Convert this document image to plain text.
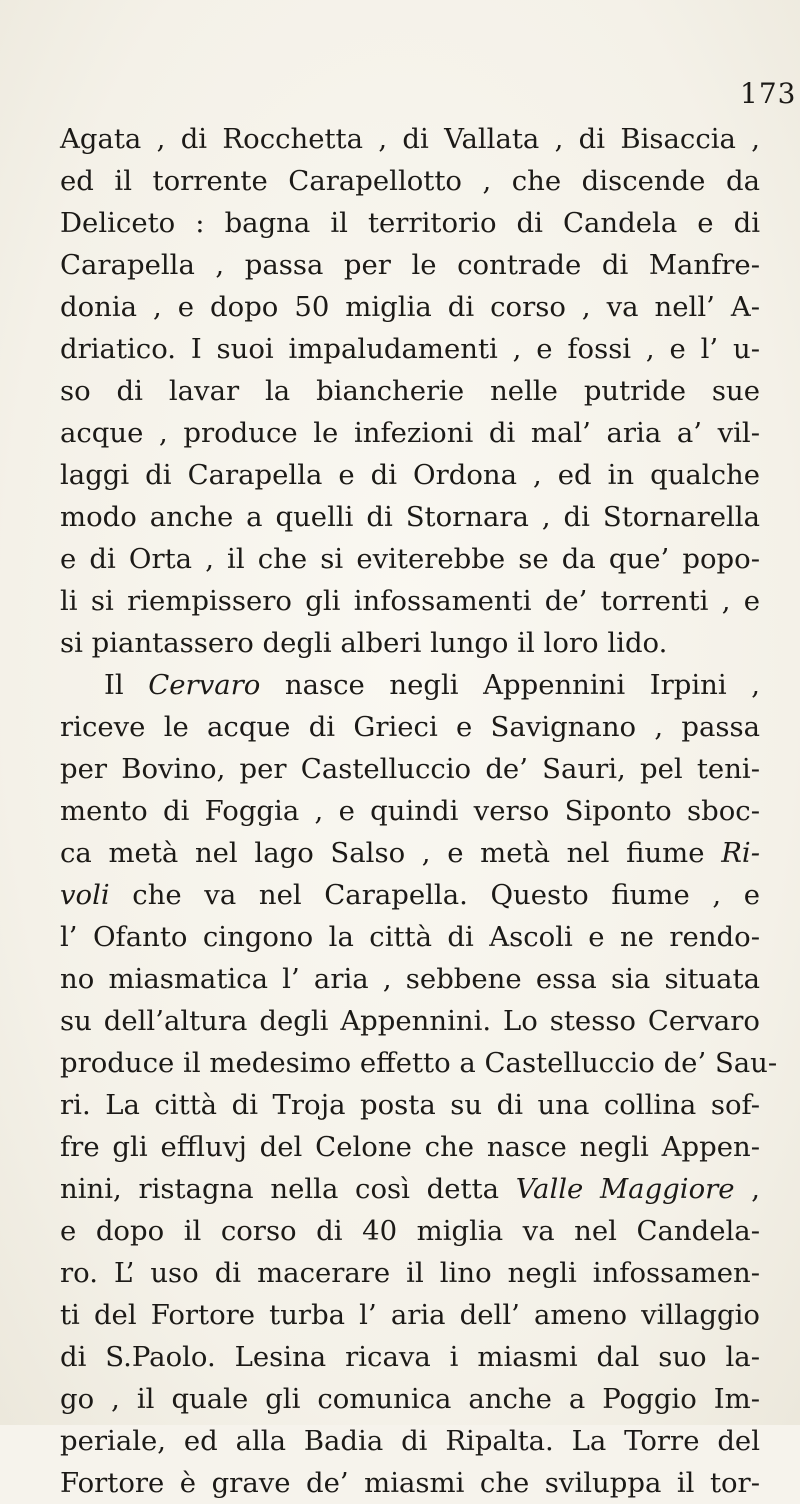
173
Agata , di Rocchetta , di Vallata , di Bisaccia ,
ed il torrente Carapellotto , che discende da
Deliceto : bagna il territorio di Candela e di
Carapella , passa per le contrade di Manfre-
donia , e dopo 50 miglia di corso , va nell’ A-
driatico. I suoi impaludamenti , e fossi , e l’ u-
so di lavar la biancherie nelle putride sue
acque , produce le infezioni di mal’ aria a’ vil-
laggi di Carapella e di Ordona , ed in qualche
modo anche a quelli di Stornara , di Stornarella
e di Orta , il che si eviterebbe se da que’ popo-
li si riempissero gli infossamenti de’ torrenti , e
si piantassero degli alberi lungo il loro lido.
Il Cervaro nasce negli Appennini Irpini ,
riceve le acque di Grieci e Savignano , passa
per Bovino, per Castelluccio de’ Sauri, pel teni-
mento di Foggia , e quindi verso Siponto sboc-
ca metà nel lago Salso , e metà nel fiume Ri-
voli che va nel Carapella. Questo fiume , e
l’ Ofanto cingono la città di Ascoli e ne rendo-
no miasmatica l’ aria , sebbene essa sia situata
su dell’altura degli Appennini. Lo stesso Cervaro
produce il medesimo effetto a Castelluccio de’ Sau-
ri. La città di Troja posta su di una collina sof-
fre gli effluvj del Celone che nasce negli Appen-
nini, ristagna nella così detta Valle Maggiore ,
e dopo il corso di 40 miglia va nel Candela-
ro. L’ uso di macerare il lino negli infossamen-
ti del Fortore turba l’ aria dell’ ameno villaggio
di S.Paolo. Lesina ricava i miasmi dal suo la-
go , il quale gli comunica anche a Poggio Im-
periale, ed alla Badia di Ripalta. La Torre del
Fortore è grave de’ miasmi che sviluppa il tor-
